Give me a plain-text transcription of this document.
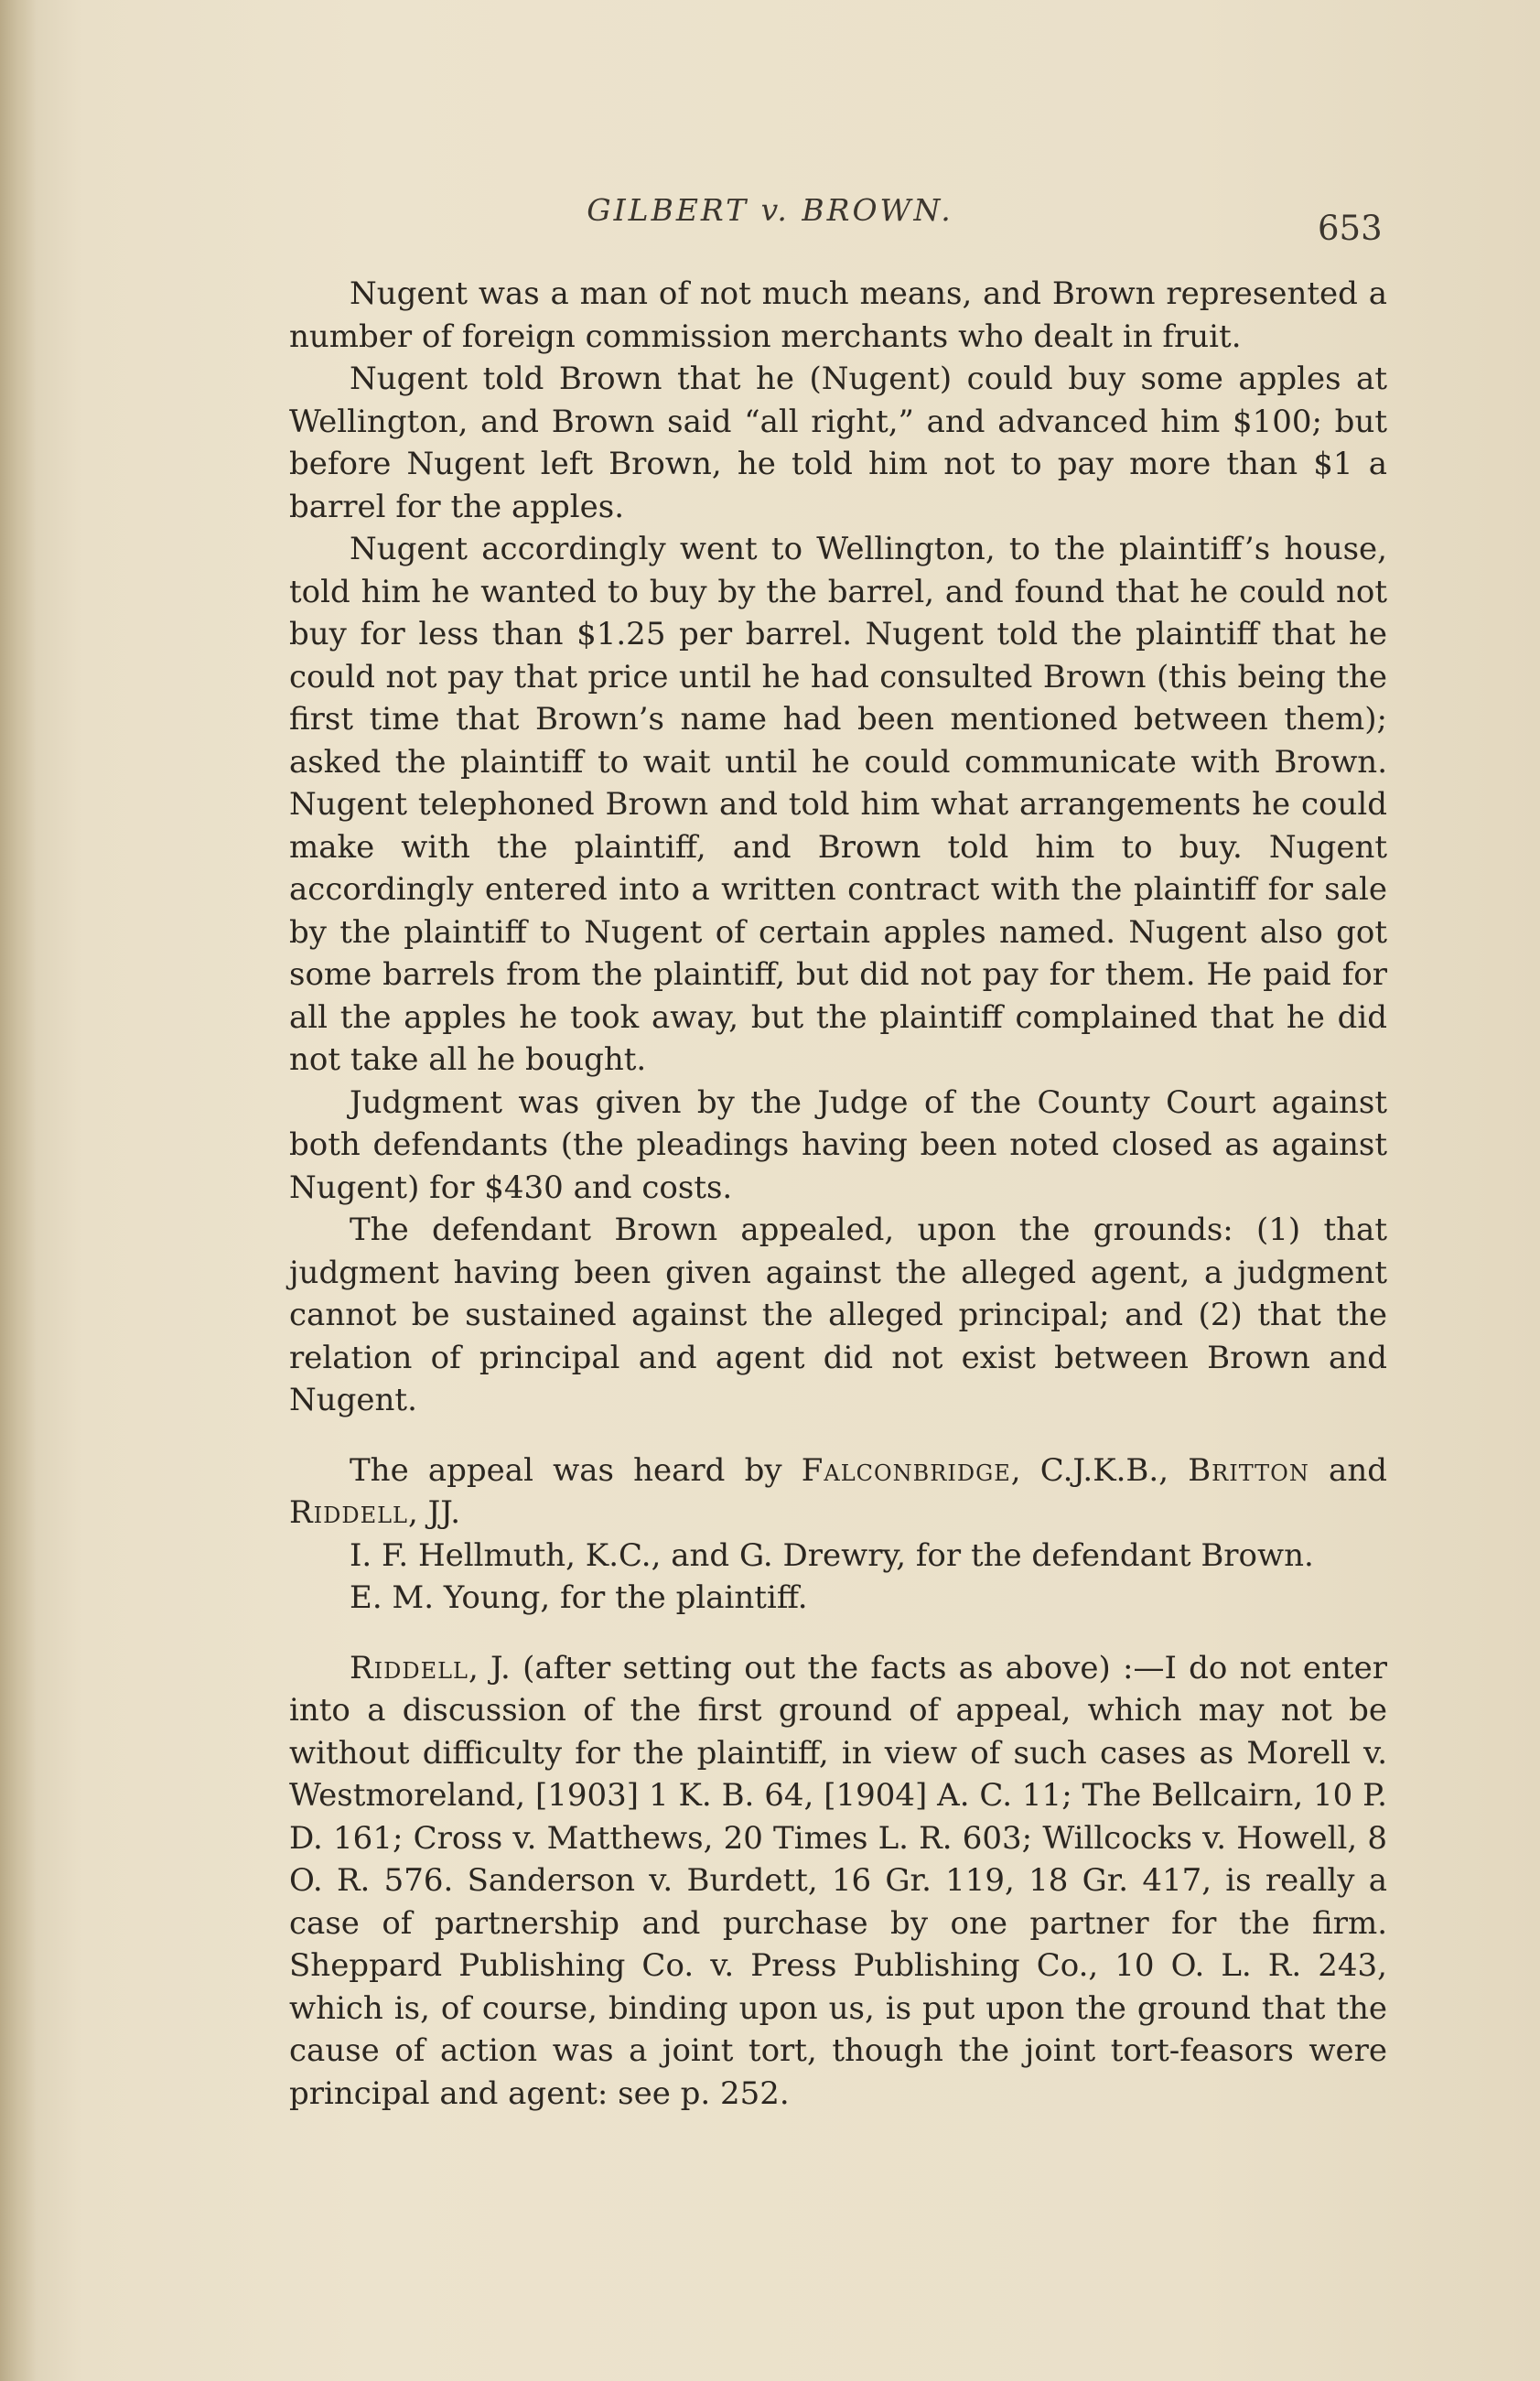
GILBERT v. BROWN.	653

Nugent was a man of not much means, and Brown represented a number of foreign commission merchants who dealt in fruit.

Nugent told Brown that he (Nugent) could buy some apples at Wellington, and Brown said “all right,” and advanced him $100; but before Nugent left Brown, he told him not to pay more than $1 a barrel for the apples.

Nugent accordingly went to Wellington, to the plaintiff’s house, told him he wanted to buy by the barrel, and found that he could not buy for less than $1.25 per barrel. Nugent told the plaintiff that he could not pay that price until he had consulted Brown (this being the first time that Brown’s name had been mentioned between them); asked the plaintiff to wait until he could communicate with Brown. Nugent telephoned Brown and told him what arrangements he could make with the plaintiff, and Brown told him to buy. Nugent accordingly entered into a written contract with the plaintiff for sale by the plaintiff to Nugent of certain apples named. Nugent also got some barrels from the plaintiff, but did not pay for them. He paid for all the apples he took away, but the plaintiff complained that he did not take all he bought.

Judgment was given by the Judge of the County Court against both defendants (the pleadings having been noted closed as against Nugent) for $430 and costs.

The defendant Brown appealed, upon the grounds: (1) that judgment having been given against the alleged agent, a judgment cannot be sustained against the alleged principal; and (2) that the relation of principal and agent did not exist between Brown and Nugent.

The appeal was heard by Falconbridge, C.J.K.B., Britton and Riddell, JJ.

I. F. Hellmuth, K.C., and G. Drewry, for the defendant Brown.

E. M. Young, for the plaintiff.

Riddell, J. (after setting out the facts as above) :—I do not enter into a discussion of the first ground of appeal, which may not be without difficulty for the plaintiff, in view of such cases as Morell v. Westmoreland, [1903] 1 K. B. 64, [1904] A. C. 11; The Bellcairn, 10 P. D. 161; Cross v. Matthews, 20 Times L. R. 603; Willcocks v. Howell, 8 O. R. 576. Sanderson v. Burdett, 16 Gr. 119, 18 Gr. 417, is really a case of partnership and purchase by one partner for the firm. Sheppard Publishing Co. v. Press Publishing Co., 10 O. L. R. 243, which is, of course, binding upon us, is put upon the ground that the cause of action was a joint tort, though the joint tort-feasors were principal and agent: see p. 252.
